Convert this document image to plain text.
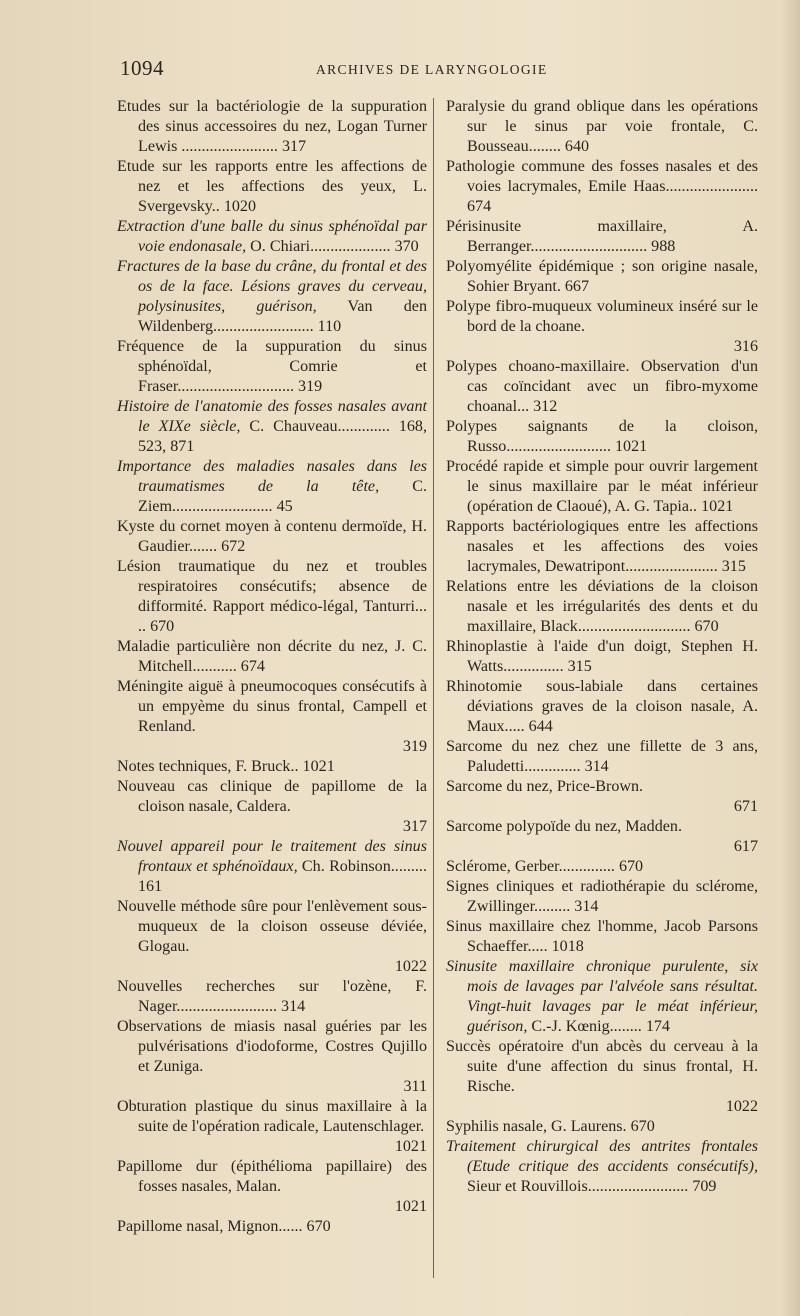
1094	ARCHIVES DE LARYNGOLOGIE

Etudes sur la bactériologie de la suppuration des sinus accessoires du nez, Logan Turner Lewis ........................ 317

Etude sur les rapports entre les affections de nez et les affections des yeux, L. Svergevsky.. 1020

Extraction d'une balle du sinus sphénoïdal par voie endonasale, O. Chiari.................... 370

Fractures de la base du crâne, du frontal et des os de la face. Lésions graves du cerveau, polysinusites, guérison, Van den Wildenberg......................... 110

Fréquence de la suppuration du sinus sphénoïdal, Comrie et Fraser............................. 319

Histoire de l'anatomie des fosses nasales avant le XIXe siècle, C. Chauveau............. 168, 523, 871

Importance des maladies nasales dans les traumatismes de la tête, C. Ziem......................... 45

Kyste du cornet moyen à contenu dermoïde, H. Gaudier....... 672

Lésion traumatique du nez et troubles respiratoires consécutifs; absence de difformité. Rapport médico-légal, Tanturri... .. 670

Maladie particulière non décrite du nez, J. C. Mitchell........... 674

Méningite aiguë à pneumocoques consécutifs à un empyème du sinus frontal, Campell et Renland.

319

Notes techniques, F. Bruck.. 1021

Nouveau cas clinique de papillome de la cloison nasale, Caldera.

317

Nouvel appareil pour le traitement des sinus frontaux et sphénoïdaux, Ch. Robinson......... 161

Nouvelle méthode sûre pour l'enlèvement sous-muqueux de la cloison osseuse déviée, Glogau.

1022

Nouvelles recherches sur l'ozène, F. Nager......................... 314

Observations de miasis nasal guéries par les pulvérisations d'iodoforme, Costres Qujillo et Zuniga.

311

Obturation plastique du sinus maxillaire à la suite de l'opération radicale, Lautenschlager.

1021

Papillome dur (épithélioma papillaire) des fosses nasales, Malan.

1021

Papillome nasal, Mignon...... 670

Paralysie du grand oblique dans les opérations sur le sinus par voie frontale, C. Bousseau........ 640

Pathologie commune des fosses nasales et des voies lacrymales, Emile Haas....................... 674

Périsinusite maxillaire, A. Berranger............................. 988

Polyomyélite épidémique ; son origine nasale, Sohier Bryant. 667

Polype fibro-muqueux volumineux inséré sur le bord de la choane.

316

Polypes choano-maxillaire. Observation d'un cas coïncidant avec un fibro-myxome choanal... 312

Polypes saignants de la cloison, Russo.......................... 1021

Procédé rapide et simple pour ouvrir largement le sinus maxillaire par le méat inférieur (opération de Claoué), A. G. Tapia.. 1021

Rapports bactériologiques entre les affections nasales et les affections des voies lacrymales, Dewatripont....................... 315

Relations entre les déviations de la cloison nasale et les irrégularités des dents et du maxillaire, Black............................ 670

Rhinoplastie à l'aide d'un doigt, Stephen H. Watts............... 315

Rhinotomie sous-labiale dans certaines déviations graves de la cloison nasale, A. Maux..... 644

Sarcome du nez chez une fillette de 3 ans, Paludetti.............. 314

Sarcome du nez, Price-Brown.

671

Sarcome polypoïde du nez, Madden.

617

Sclérome, Gerber.............. 670

Signes cliniques et radiothérapie du sclérome, Zwillinger......... 314

Sinus maxillaire chez l'homme, Jacob Parsons Schaeffer..... 1018

Sinusite maxillaire chronique purulente, six mois de lavages par l'alvéole sans résultat. Vingt-huit lavages par le méat inférieur, guérison, C.-J. Kœnig........ 174

Succès opératoire d'un abcès du cerveau à la suite d'une affection du sinus frontal, H. Rische.

1022

Syphilis nasale, G. Laurens. 670

Traitement chirurgical des antrites frontales (Etude critique des accidents consécutifs), Sieur et Rouvillois......................... 709
